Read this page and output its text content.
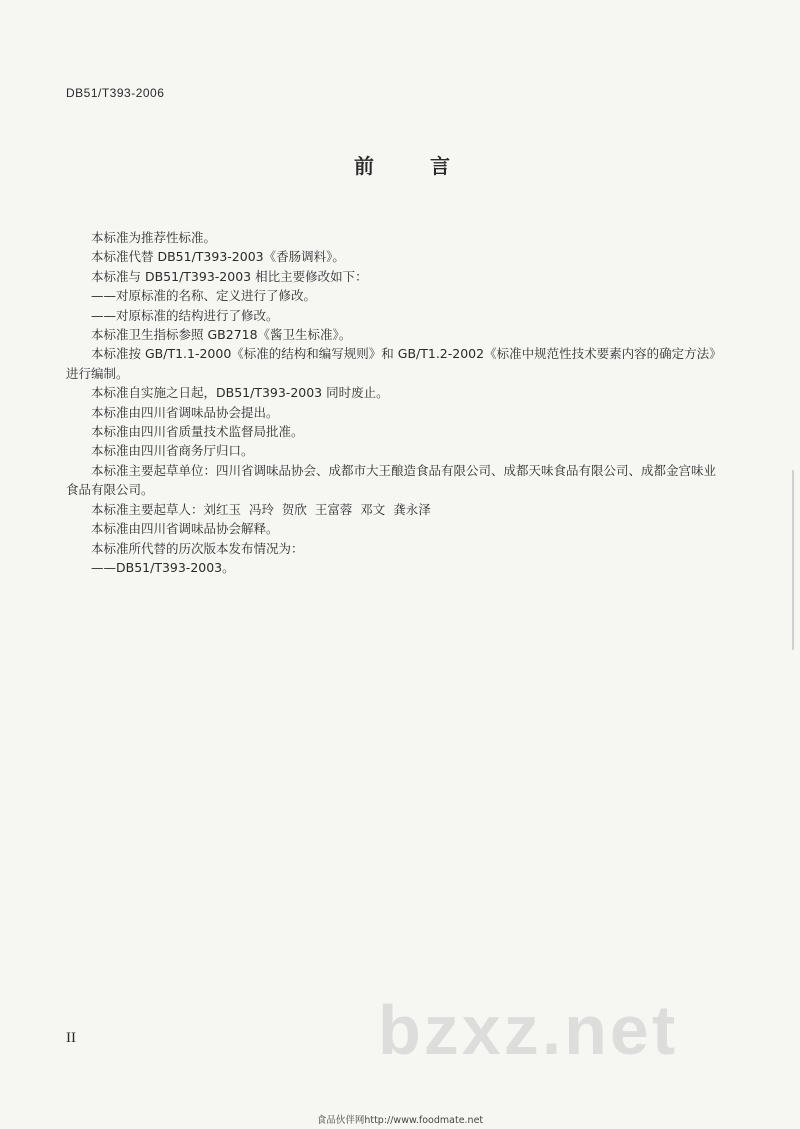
DB51/T393-2006
前言

本标准为推荐性标准。

本标准代替 DB51/T393-2003《香肠调料》。

本标准与 DB51/T393-2003 相比主要修改如下：

——对原标准的名称、定义进行了修改。

——对原标准的结构进行了修改。

本标准卫生指标参照 GB2718《酱卫生标准》。

本标准按 GB/T1.1-2000《标准的结构和编写规则》和 GB/T1.2-2002《标准中规范性技术要素内容的确定方法》进行编制。

本标准自实施之日起，DB51/T393-2003 同时废止。

本标准由四川省调味品协会提出。

本标准由四川省质量技术监督局批准。

本标准由四川省商务厅归口。

本标准主要起草单位：四川省调味品协会、成都市大王酿造食品有限公司、成都天味食品有限公司、成都金宫味业食品有限公司。

本标准主要起草人：刘红玉  冯玲  贺欣  王富蓉  邓文  龚永泽

本标准由四川省调味品协会解释。

本标准所代替的历次版本发布情况为：

——DB51/T393-2003。

II	bzxz.net
食品伙伴网http://www.foodmate.net
